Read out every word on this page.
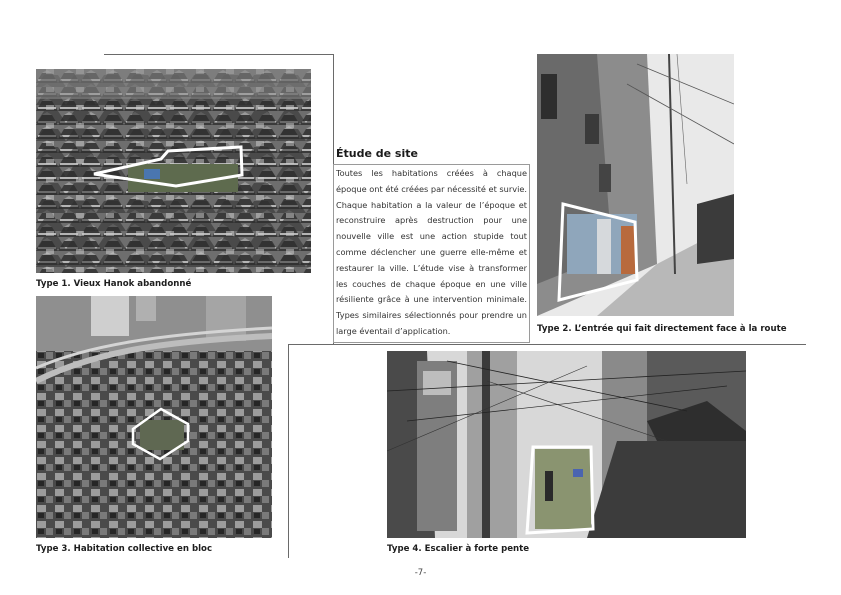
Type 1. Vieux Hanok abandonné
Type 2. L’entrée qui fait directement face à la route
Type 3. Habitation collective en bloc	Type 4. Escalier à forte pente
Étude de site

Toutes les habitations créées à chaque époque ont été créées par nécessité et survie. Chaque habitation a la valeur de l’époque et reconstruire après destruction pour une nouvelle ville est une action stupide tout comme déclencher une guerre elle-même et restaurer la ville. L’étude vise à transformer les couches de chaque époque en une ville résiliente grâce à une intervention minimale. Types similaires sélectionnés pour prendre un large éventail d’application.

-7-
